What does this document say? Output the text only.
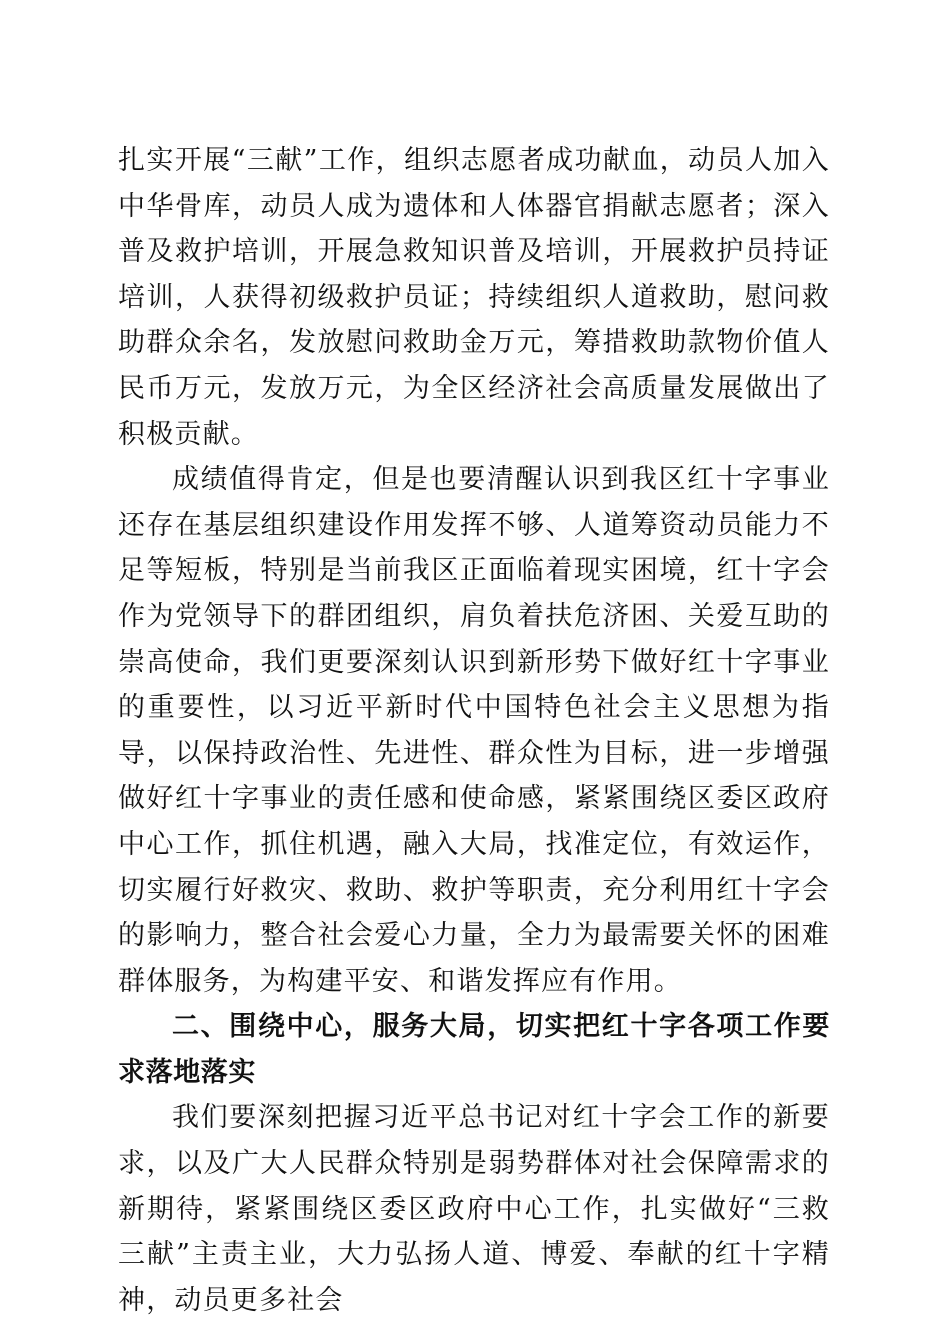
扎实开展“三献”工作，组织志愿者成功献血，动员人加入中华骨库，动员人成为遗体和人体器官捐献志愿者；深入普及救护培训，开展急救知识普及培训，开展救护员持证培训，人获得初级救护员证；持续组织人道救助，慰问救助群众余名，发放慰问救助金万元，筹措救助款物价值人民币万元，发放万元，为全区经济社会高质量发展做出了积极贡献。

成绩值得肯定，但是也要清醒认识到我区红十字事业还存在基层组织建设作用发挥不够、人道筹资动员能力不足等短板，特别是当前我区正面临着现实困境，红十字会作为党领导下的群团组织，肩负着扶危济困、关爱互助的崇高使命，我们更要深刻认识到新形势下做好红十字事业的重要性，以习近平新时代中国特色社会主义思想为指导，以保持政治性、先进性、群众性为目标，进一步增强做好红十字事业的责任感和使命感，紧紧围绕区委区政府中心工作，抓住机遇，融入大局，找准定位，有效运作，切实履行好救灾、救助、救护等职责，充分利用红十字会的影响力，整合社会爱心力量，全力为最需要关怀的困难群体服务，为构建平安、和谐发挥应有作用。

二、围绕中心，服务大局，切实把红十字各项工作要求落地落实

我们要深刻把握习近平总书记对红十字会工作的新要求，以及广大人民群众特别是弱势群体对社会保障需求的新期待，紧紧围绕区委区政府中心工作，扎实做好“三救三献”主责主业，大力弘扬人道、博爱、奉献的红十字精神，动员更多社会
